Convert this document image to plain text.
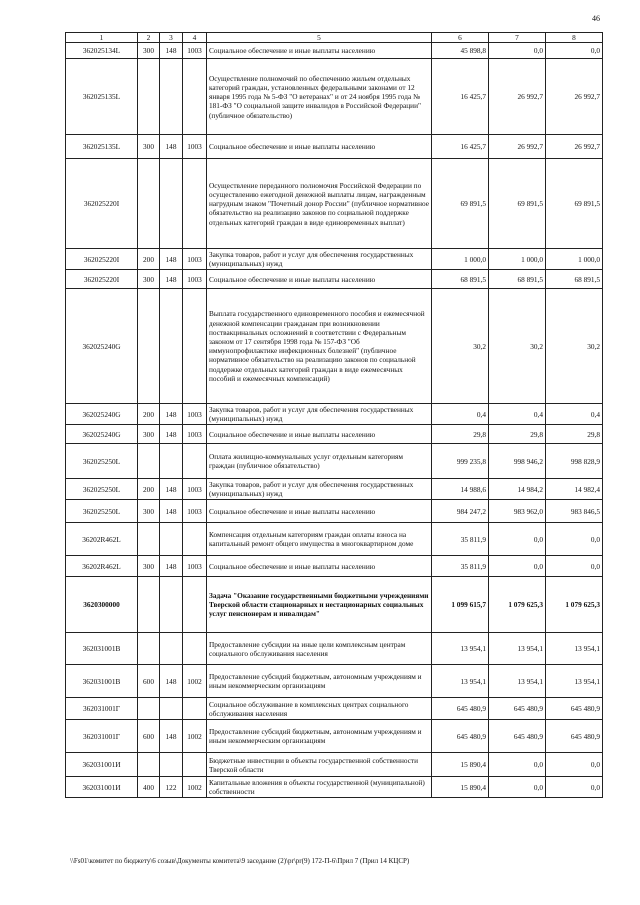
46
1	2	3	4	5	6	7	8
362025134L	300	148	1003	Социальное обеспечение и иные выплаты населению	45 898,8	0,0	0,0
362025135L				Осуществление полномочий по обеспечению жильем отдельных категорий граждан, установленных федеральными законами от 12 января 1995 года № 5-ФЗ "О ветеранах" и от 24 ноября 1995 года № 181-ФЗ "О социальной защите инвалидов в Российской Федерации" (публичное обязательство)	16 425,7	26 992,7	26 992,7
362025135L	300	148	1003	Социальное обеспечение и иные выплаты населению	16 425,7	26 992,7	26 992,7
362025220I				Осуществление переданного полномочия Российской Федерации по осуществлению ежегодной денежной выплаты лицам, награжденным нагрудным знаком "Почетный донор России" (публичное нормативное обязательство на реализацию законов по социальной поддержке отдельных категорий граждан в виде единовременных выплат)	69 891,5	69 891,5	69 891,5
362025220I	200	148	1003	Закупка товаров, работ и услуг для обеспечения государственных (муниципальных) нужд	1 000,0	1 000,0	1 000,0
362025220I	300	148	1003	Социальное обеспечение и иные выплаты населению	68 891,5	68 891,5	68 891,5
362025240G				Выплата государственного единовременного пособия и ежемесячной денежной компенсации гражданам при возникновении поствакцинальных осложнений в соответствии с Федеральным законом от 17 сентября 1998 года № 157-ФЗ "Об иммунопрофилактике инфекционных болезней" (публичное нормативное обязательство на реализацию законов по социальной поддержке отдельных категорий граждан в виде ежемесячных пособий и ежемесячных компенсаций)	30,2	30,2	30,2
362025240G	200	148	1003	Закупка товаров, работ и услуг для обеспечения государственных (муниципальных) нужд	0,4	0,4	0,4
362025240G	300	148	1003	Социальное обеспечение и иные выплаты населению	29,8	29,8	29,8
362025250L				Оплата жилищно-коммунальных услуг отдельным категориям граждан (публичное обязательство)	999 235,8	998 946,2	998 828,9
362025250L	200	148	1003	Закупка товаров, работ и услуг для обеспечения государственных (муниципальных) нужд	14 988,6	14 984,2	14 982,4
362025250L	300	148	1003	Социальное обеспечение и иные выплаты населению	984 247,2	983 962,0	983 846,5
36202R462L				Компенсация отдельным категориям граждан оплаты взноса на капитальный ремонт общего имущества в многоквартирном доме	35 811,9	0,0	0,0
36202R462L	300	148	1003	Социальное обеспечение и иные выплаты населению	35 811,9	0,0	0,0
3620300000				Задача "Оказание государственными бюджетными учреждениями Тверской области стационарных и нестационарных социальных услуг пенсионерам и инвалидам"	1 099 615,7	1 079 625,3	1 079 625,3
362031001B				Предоставление субсидии на иные цели комплексным центрам социального обслуживания населения	13 954,1	13 954,1	13 954,1
362031001B	600	148	1002	Предоставление субсидий бюджетным, автономным учреждениям и иным некоммерческим организациям	13 954,1	13 954,1	13 954,1
362031001Г				Социальное обслуживание в комплексных центрах социального обслуживания населения	645 480,9	645 480,9	645 480,9
362031001Г	600	148	1002	Предоставление субсидий бюджетным, автономным учреждениям и иным некоммерческим организациям	645 480,9	645 480,9	645 480,9
362031001И				Бюджетные инвестиции в объекты государственной собственности Тверской области	15 890,4	0,0	0,0
362031001И	400	122	1002	Капитальные вложения в объекты государственной (муниципальной) собственности	15 890,4	0,0	0,0
\\Fs01\комитет по бюджету\6 созыв\Документы комитета\9 заседание (2)\pr\pr(9) 172-П-6\Прил 7 (Прил 14 КЦСР)
